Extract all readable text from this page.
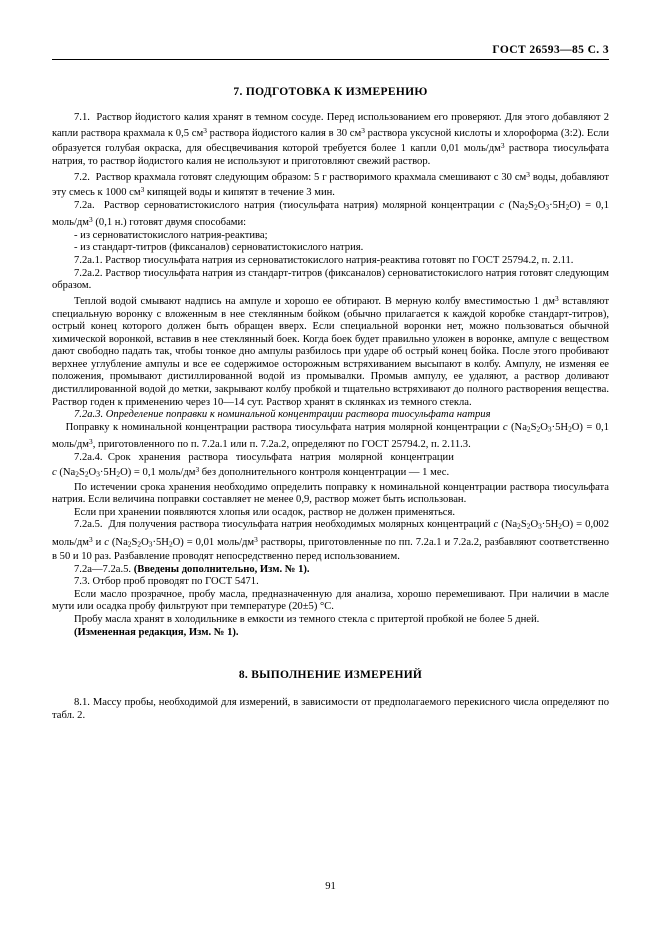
ГОСТ 26593—85 С. 3
7. ПОДГОТОВКА К ИЗМЕРЕНИЮ

7.1.  Раствор йодистого калия хранят в темном сосуде. Перед использованием его проверяют. Для этого добавляют 2 капли раствора крахмала к 0,5 $см^3$ раствора йодистого калия в 30 $см^3$ раствора уксусной кислоты и хлороформа (3:2). Если образуется голубая окраска, для обесцвечивания которой требуется более 1 капли 0,01 моль/$дм^3$ раствора тиосульфата натрия, то раствор йодистого калия не используют и приготовляют свежий раствор.

7.2.  Раствор крахмала готовят следующим образом: 5 г растворимого крахмала смешивают с 30 $см^3$ воды, добавляют эту смесь к 1000 $см^3$ кипящей воды и кипятят в течение 3 мин.

7.2а.  Раствор серноватистокислого натрия (тиосульфата натрия) молярной концентрации с $(Na_2S_2O_3\cdot 5H_2O) = 0,1$ моль/$дм^3$ (0,1 н.) готовят двумя способами:

- из серноватистокислого натрия-реактива;

- из стандарт-титров (фиксаналов) серноватистокислого натрия.

7.2а.1. Раствор тиосульфата натрия из серноватистокислого натрия-реактива готовят по ГОСТ 25794.2, п. 2.11.

7.2а.2. Раствор тиосульфата натрия из стандарт-титров (фиксаналов) серноватистокислого натрия готовят следующим образом.

Теплой водой смывают надпись на ампуле и хорошо ее обтирают. В мерную колбу вместимостью 1 $дм^3$ вставляют специальную воронку с вложенным в нее стеклянным бойком (обычно прилагается к каждой коробке стандарт-титров), острый конец которого должен быть обращен вверх. Если специальной воронки нет, можно пользоваться обычной химической воронкой, вставив в нее стеклянный боек. Когда боек будет правильно уложен в воронке, ампуле с веществом дают свободно падать так, чтобы тонкое дно ампулы разбилось при ударе об острый конец бойка. После этого пробивают верхнее углубление ампулы и все ее содержимое осторожным встряхиванием высыпают в колбу. Ампулу, не изменяя ее положения, промывают дистиллированной водой из промывалки. Промыв ампулу, ее удаляют, а раствор доливают дистиллированной водой до метки, закрывают колбу пробкой и тщательно встряхивают до полного растворения вещества. Раствор годен к применению через 10—14 сут. Раствор хранят в склянках из темного стекла.

7.2а.3. Определение поправки к номинальной концентрации раствора тиосульфата натрия

Поправку к номинальной концентрации раствора тиосульфата натрия молярной концентрации с $(Na_2S_2O_3\cdot 5H_2O) = 0,1$ моль/$дм^3$, приготовленного по п. 7.2а.1 или п. 7.2а.2, определяют по ГОСТ 25794.2, п. 2.11.3.

7.2а.4.  Срок   хранения   раствора   тиосульфата   натрия   молярной   концентрации
с $(Na_2S_2O_3\cdot 5H_2O) = 0,1$ моль/$дм^3$ без дополнительного контроля концентрации — 1 мес.

По истечении срока хранения необходимо определить поправку к номинальной концентрации раствора тиосульфата натрия. Если величина поправки составляет не менее 0,9, раствор может быть использован.

Если при хранении появляются хлопья или осадок, раствор не должен применяться.

7.2а.5.  Для получения раствора тиосульфата натрия необходимых молярных концентраций с $(Na_2S_2O_3\cdot 5H_2O) = 0,002$ моль/$дм^3$ и с $(Na_2S_2O_3\cdot 5H_2O) = 0,01$ моль/$дм^3$ растворы, приготовленные по пп. 7.2а.1 и 7.2а.2, разбавляют соответственно в 50 и 10 раз. Разбавление проводят непосредственно перед использованием.

7.2а—7.2а.5. (Введены дополнительно, Изм. № 1).

7.3. Отбор проб проводят по ГОСТ 5471.

Если масло прозрачное, пробу масла, предназначенную для анализа, хорошо перемешивают. При наличии в масле мути или осадка пробу фильтруют при температуре (20±5) °С.

Пробу масла хранят в холодильнике в емкости из темного стекла с притертой пробкой не более 5 дней.

(Измененная редакция, Изм. № 1).

8. ВЫПОЛНЕНИЕ ИЗМЕРЕНИЙ

8.1. Массу пробы, необходимой для измерений, в зависимости от предполагаемого перекисного числа определяют по табл. 2.

91
